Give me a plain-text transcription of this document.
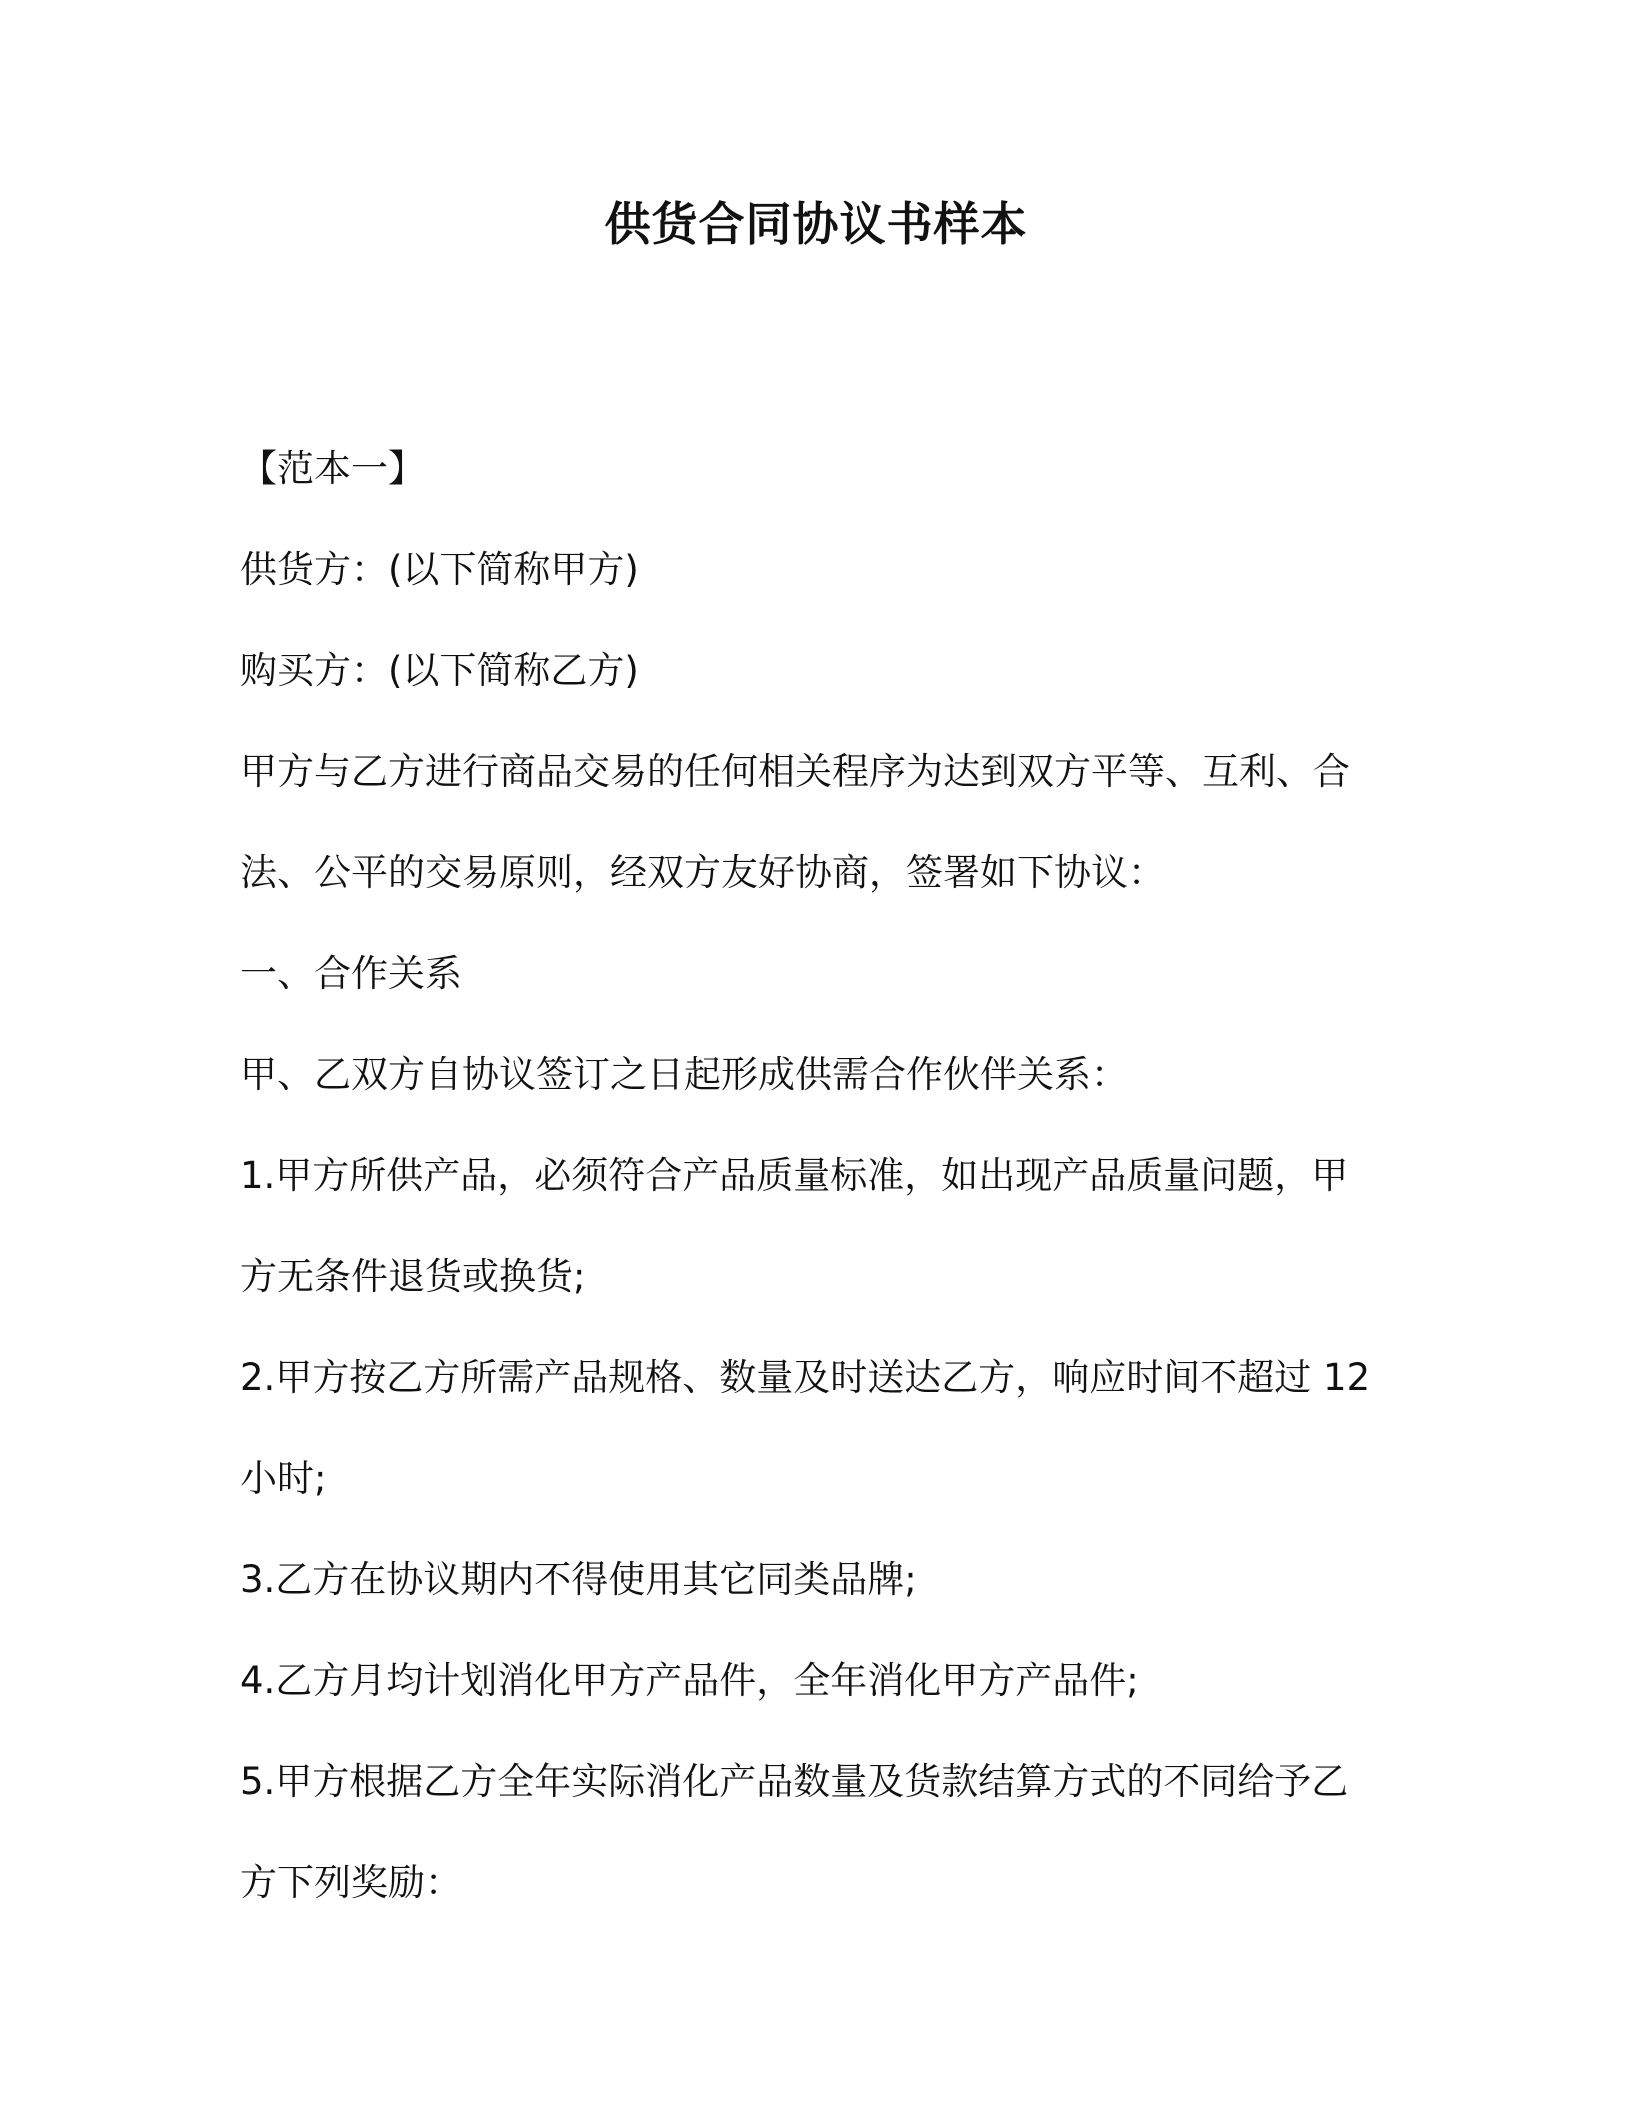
供货合同协议书样本

【范本一】

供货方：(以下简称甲方)

购买方：(以下简称乙方)

甲方与乙方进行商品交易的任何相关程序为达到双方平等、互利、合

法、公平的交易原则，经双方友好协商，签署如下协议：

一、合作关系

甲、乙双方自协议签订之日起形成供需合作伙伴关系：

1.甲方所供产品，必须符合产品质量标准，如出现产品质量问题，甲

方无条件退货或换货;

2.甲方按乙方所需产品规格、数量及时送达乙方，响应时间不超过 12

小时;

3.乙方在协议期内不得使用其它同类品牌;

4.乙方月均计划消化甲方产品件，全年消化甲方产品件;

5.甲方根据乙方全年实际消化产品数量及货款结算方式的不同给予乙

方下列奖励：
